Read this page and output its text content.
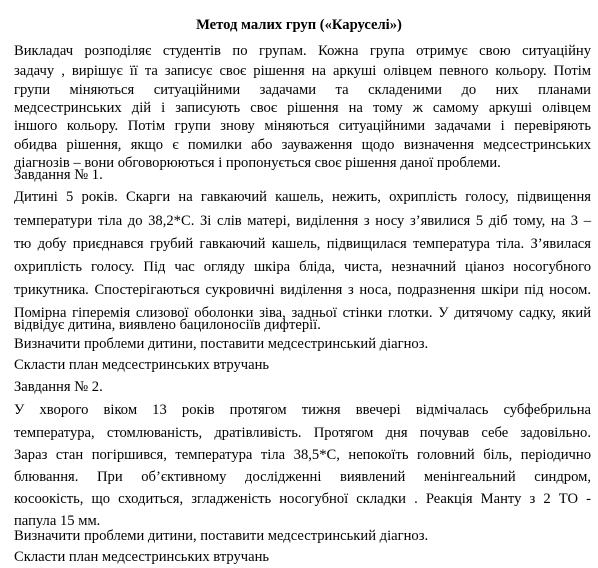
Метод малих груп («Каруселі»)
Викладач розподіляє студентів по групам. Кожна група отримує свою ситуаційну
задачу , вирішує її та записує своє рішення на аркуші олівцем певного кольору. Потім
групи міняються ситуаційними задачами та складеними до них планами
медсестринських дій і записують своє рішення на тому ж самому аркуші олівцем
іншого кольору. Потім групи знову міняються ситуаційними задачами і перевіряють
обидва рішення, якщо є помилки або зауваження щодо визначення медсестринських
діагнозів – вони обговорюються і пропонується своє рішення даної проблеми.
Завдання № 1.
Дитині 5 років. Скарги на гавкаючий кашель, нежить, охриплість голосу, підвищення
температури тіла до 38,2*С. Зі слів матері, виділення з носу з’явилися 5 діб тому, на 3 –
тю добу приєднався грубий гавкаючий кашель, підвищилася температура тіла. З’явилася
охриплість голосу. Під час огляду шкіра бліда, чиста, незначний ціаноз носогубного
трикутника. Спостерігаються сукровичні виділення з носа, подразнення шкіри під носом.
Помірна гіперемія слизової оболонки зіва, задньої стінки глотки. У дитячому садку, який
відвідує дитина, виявлено бацилоносіїв дифтерії.
Визначити проблеми дитини, поставити медсестринський діагноз.
Скласти план медсестринських втручань
Завдання № 2.
У хворого віком 13 років протягом тижня ввечері відмічалась субфебрильна
температура, стомлюваність, дратівливість. Протягом дня почував себе задовільно.
Зараз стан погіршився, температура тіла 38,5*С, непокоїть головний біль, періодично
блювання. При об’єктивному дослідженні виявлений менінгеальний синдром,
косоокість, що сходиться, згладженість носогубної складки . Реакція Манту з 2 ТО -
папула 15 мм.
Визначити проблеми дитини, поставити медсестринський діагноз.
Скласти план медсестринських втручань
